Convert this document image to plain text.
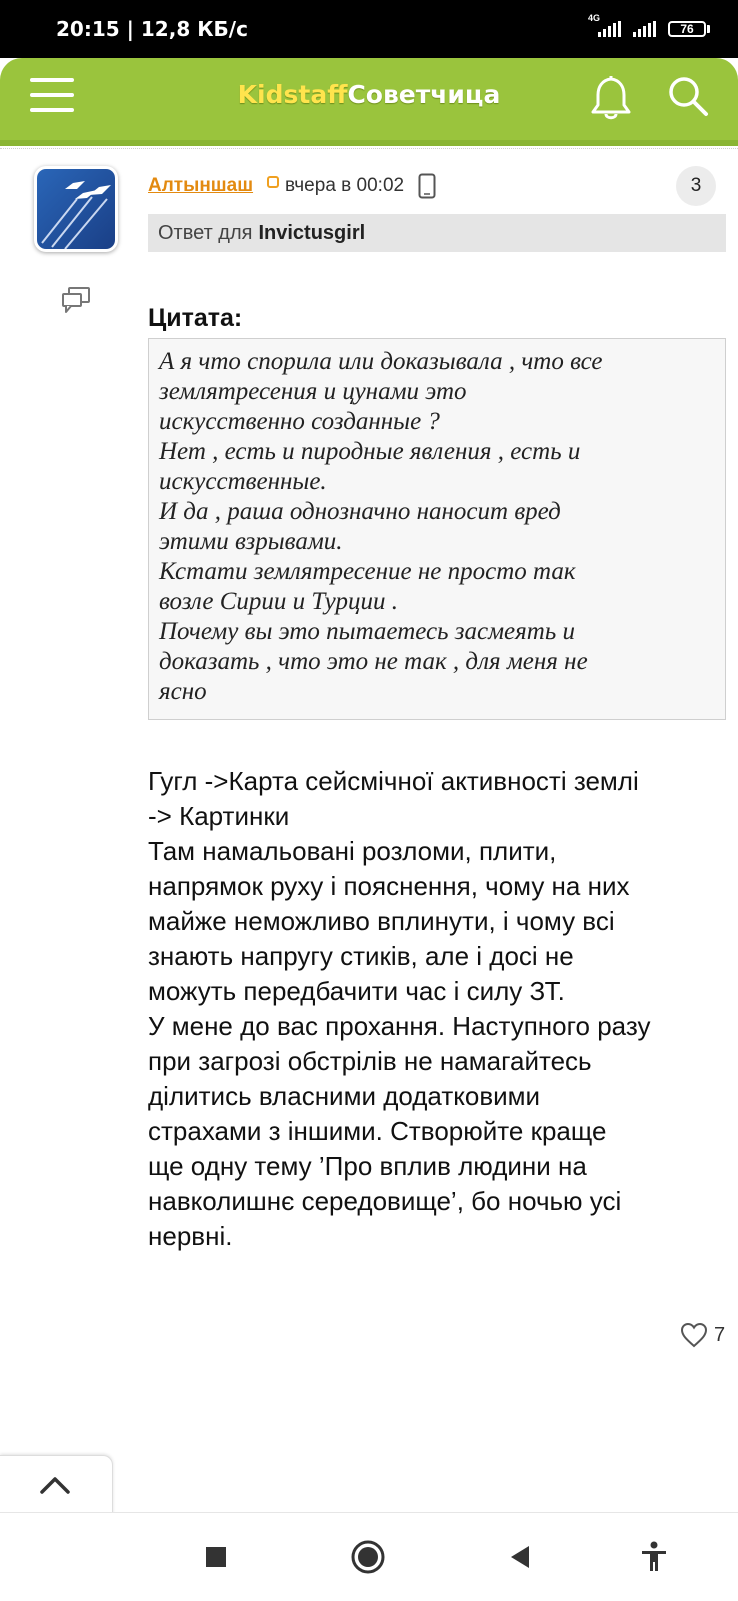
20:15 | 12,8 КБ/с	4G
76
KidstaffСоветчица
Алтыншаш вчера в 00:02	3
Ответ для Invictusgirl
Цитата:
А я что спорила или доказывала , что все
землятресения и цунами это
искусственно созданные ?
Нет , есть и пиродные явления , есть и
искусственные.
И да , раша однозначно наносит вред
этими взрывами.
Кстати землятресение не просто так
возле Сирии и Турции .
Почему вы это пытаетесь засмеять и
доказать , что это не так , для меня не
ясно
Гугл ->Карта сейсмічної активності землі
-> Картинки
Там намальовані розломи, плити,
напрямок руху і пояснення, чому на них
майже неможливо вплинути, і чому всі
знають напругу стиків, але і досі не
можуть передбачити час і силу ЗТ.
У мене до вас прохання. Наступного разу
при загрозі обстрілів не намагайтесь
ділитись власними додатковими
страхами з іншими. Створюйте краще
ще одну тему ’Про вплив людини на
навколишнє середовище’, бо ночью усі
нервні.
7
